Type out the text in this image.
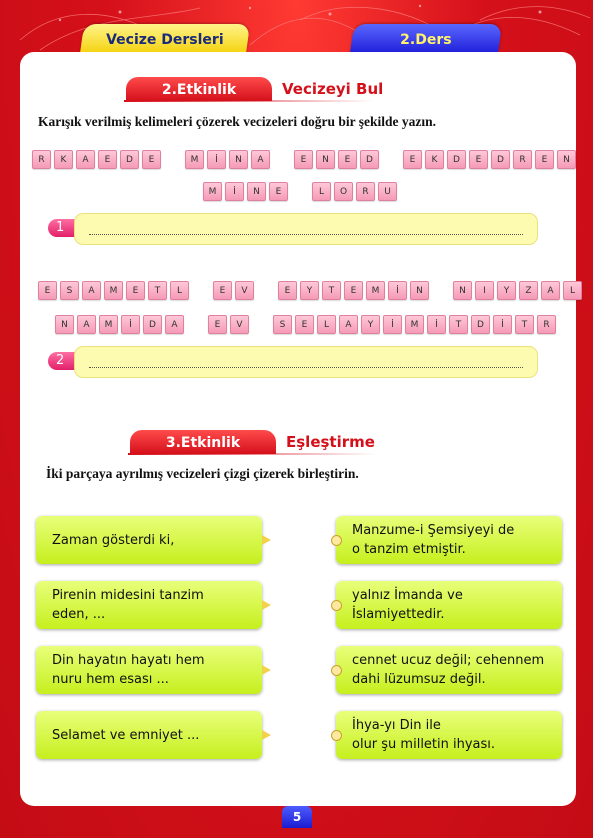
Vecize Dersleri	2.Ders
2.Etkinlik	Vecizeyi Bul
Karışık verilmiş kelimeleri çözerek vecizeleri doğru bir şekilde yazın.
R	K	A	E	D	E	M	İ	N	A	E	N	E	D	E	K	D	E	D	R	E	N
M	İ	N	E	L	O	R	U
1
E	S	A	M	E	T	L	E	V	E	Y	T	E	M	İ	N	N	I	Y	Z	A	L
N	A	M	İ	D	A	E	V	S	E	L	A	Y	İ	M	İ	T	D	İ	T	R
2
3.Etkinlik	Eşleştirme
İki parçaya ayrılmış vecizeleri çizgi çizerek birleştirin.
Zaman gösterdi ki,
Pirenin midesini tanzim
eden, ...
Din hayatın hayatı hem
nuru hem esası ...
Selamet ve emniyet ...
Manzume-i Şemsiyeyi de
o tanzim etmiştir.
yalnız İmanda ve
İslamiyettedir.
cennet ucuz değil; cehennem
dahi lüzumsuz değil.
İhya-yı Din ile
olur şu milletin ihyası.
5
